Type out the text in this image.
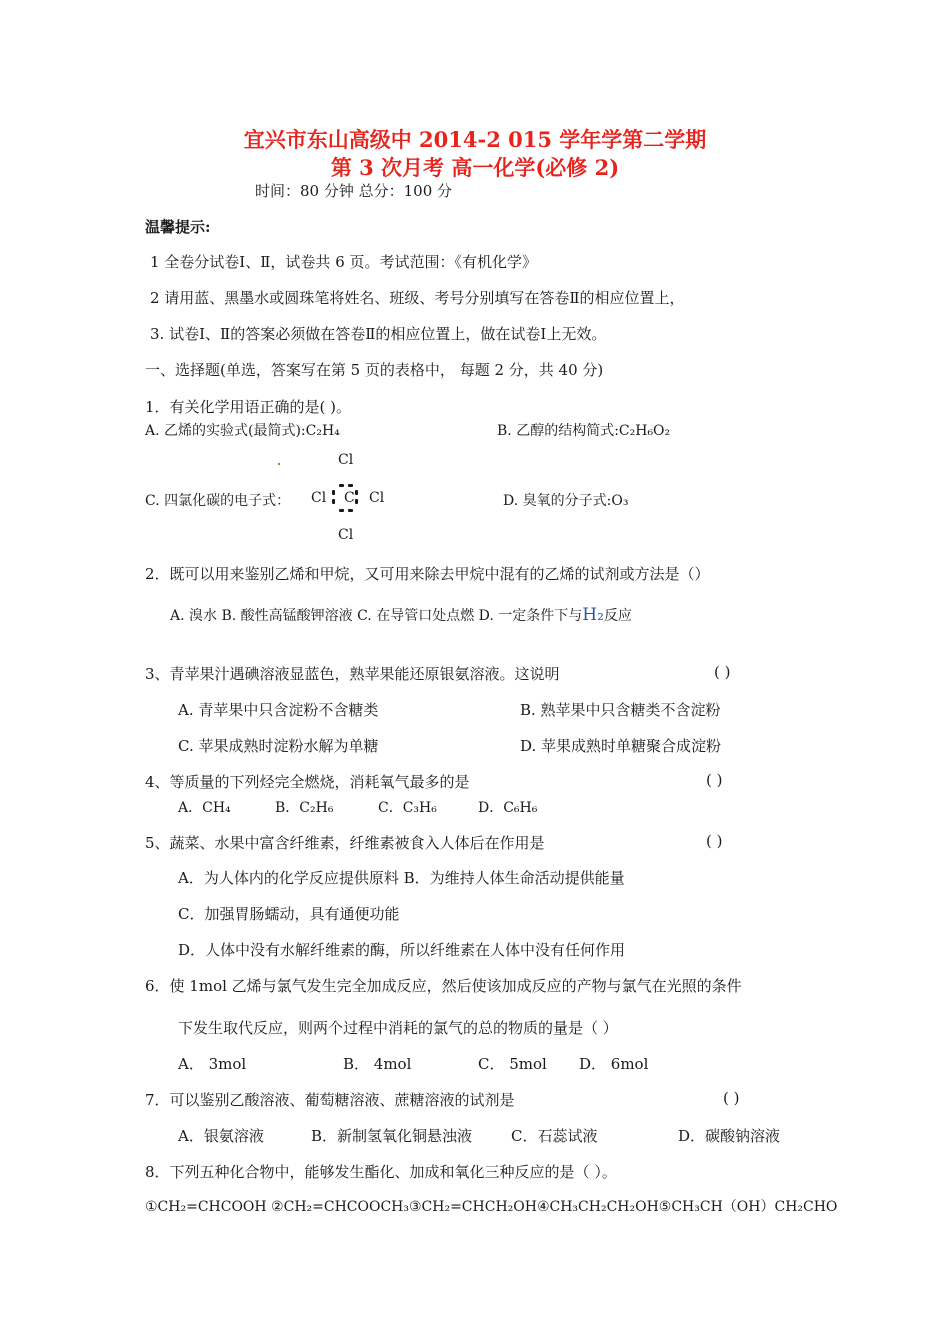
宜兴市东山高级中 2014-2 015 学年学第二学期
第 3 次月考 高一化学(必修 2)
时间：80 分钟 总分：100 分
温馨提示:
1 全卷分试卷Ⅰ、Ⅱ，试卷共 6 页。考试范围：《有机化学》
2 请用蓝、黑墨水或圆珠笔将姓名、班级、考号分别填写在答卷Ⅱ的相应位置上，
3. 试卷Ⅰ、Ⅱ的答案必须做在答卷Ⅱ的相应位置上，做在试卷Ⅰ上无效。
一、选择题(单选，答案写在第 5 页的表格中， 每题 2 分，共 40 分)
1．有关化学用语正确的是( )。
A. 乙烯的实验式(最简式):C₂H₄	B. 乙醇的结构简式:C₂H₆O₂
Cl
C. 四氯化碳的电子式： Cl C Cl
Cl
D. 臭氧的分子式:O₃
2．既可以用来鉴别乙烯和甲烷，又可用来除去甲烷中混有的乙烯的试剂或方法是（）
A. 溴水 B. 酸性高锰酸钾溶液 C. 在导管口处点燃 D. 一定条件下与H₂反应
3、青苹果汁遇碘溶液显蓝色，熟苹果能还原银氨溶液。这说明	( )
A. 青苹果中只含淀粉不含糖类	B. 熟苹果中只含糖类不含淀粉
C. 苹果成熟时淀粉水解为单糖	D. 苹果成熟时单糖聚合成淀粉
4、等质量的下列烃完全燃烧，消耗氧气最多的是	( )
A．CH₄	B．C₂H₆	C．C₃H₆	D．C₆H₆
5、蔬菜、水果中富含纤维素，纤维素被食入人体后在作用是	( )
A．为人体内的化学反应提供原料 B．为维持人体生命活动提供能量
C．加强胃肠蠕动，具有通便功能
D．人体中没有水解纤维素的酶，所以纤维素在人体中没有任何作用
6．使 1mol 乙烯与氯气发生完全加成反应，然后使该加成反应的产物与氯气在光照的条件
下发生取代反应，则两个过程中消耗的氯气的总的物质的量是（ ）
A． 3mol	B． 4mol	C． 5mol D． 6mol
7．可以鉴别乙酸溶液、葡萄糖溶液、蔗糖溶液的试剂是	( )
A．银氨溶液	B．新制氢氧化铜悬浊液	C．石蕊试液	D．碳酸钠溶液
8．下列五种化合物中，能够发生酯化、加成和氧化三种反应的是（ ）。
①CH₂=CHCOOH ②CH₂=CHCOOCH₃③CH₂=CHCH₂OH④CH₃CH₂CH₂OH⑤CH₃CH（OH）CH₂CHO
